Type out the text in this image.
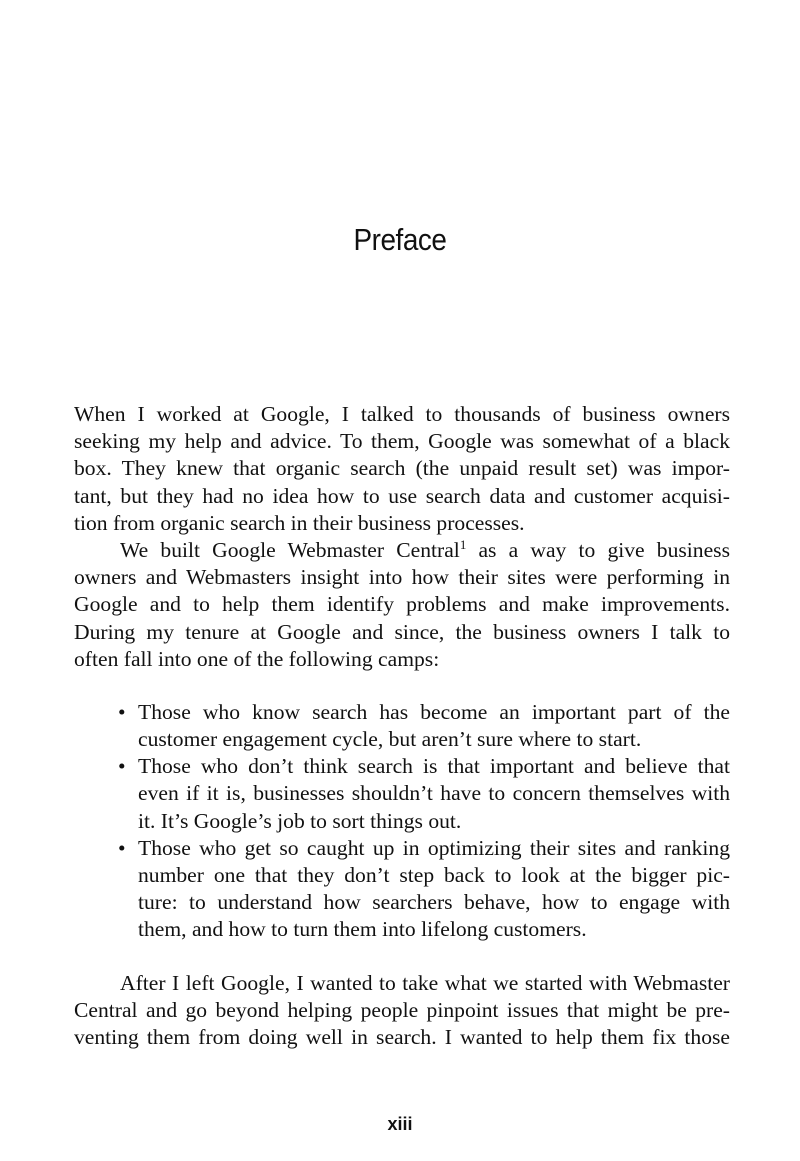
Preface
When I worked at Google, I talked to thousands of business owners
seeking my help and advice. To them, Google was somewhat of a black
box. They knew that organic search (the unpaid result set) was impor-
tant, but they had no idea how to use search data and customer acquisi-
tion from organic search in their business processes.
We built Google Webmaster Central$^1$ as a way to give business
owners and Webmasters insight into how their sites were performing in
Google and to help them identify problems and make improvements.
During my tenure at Google and since, the business owners I talk to
often fall into one of the following camps:
• Those who know search has become an important part of the
customer engagement cycle, but aren’t sure where to start.
• Those who don’t think search is that important and believe that
even if it is, businesses shouldn’t have to concern themselves with
it. It’s Google’s job to sort things out.
• Those who get so caught up in optimizing their sites and ranking
number one that they don’t step back to look at the bigger pic-
ture: to understand how searchers behave, how to engage with
them, and how to turn them into lifelong customers.
After I left Google, I wanted to take what we started with Webmaster
Central and go beyond helping people pinpoint issues that might be pre-
venting them from doing well in search. I wanted to help them fix those
xiii
